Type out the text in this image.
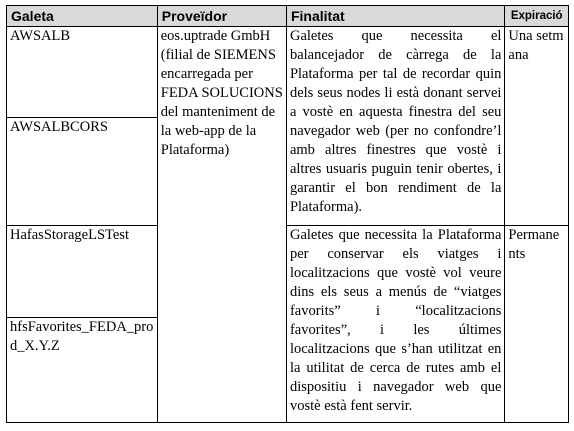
Galeta	Proveïdor	Finalitat	Expiració
AWSALB	eos.uptrade GmbH (filial de SIEMENS encarregada per FEDA SOLUCIONS del manteniment de la web-app de la Plataforma)	Galetes que necessita el balancejador de càrrega de la Plataforma per tal de recordar quin dels seus nodes li està donant servei a vostè en aquesta finestra del seu navegador web (per no confondre’l amb altres finestres que vostè i altres usuaris puguin tenir obertes, i garantir el bon rendiment de la Plataforma).	Una setmana
AWSALBCORS			
HafasStorageLSTest		Galetes que necessita la Plataforma per conservar els viatges i localitzacions que vostè vol veure dins els seus a menús de “viatges favorits” i “localitzacions favorites”, i les últimes localitzacions que s’han utilitzat en la utilitat de cerca de rutes amb el dispositiu i navegador web que vostè està fent servir.	Permanents
hfsFavorites_FEDA_prod_X.Y.Z			
